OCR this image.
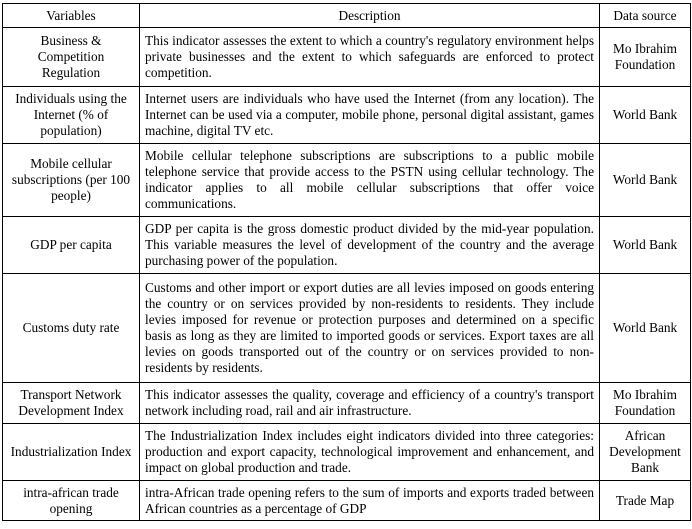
Variables	Description	Data source
Business & Competition Regulation	This indicator assesses the extent to which a country's regulatory environment helps private businesses and the extent to which safeguards are enforced to protect competition.	Mo Ibrahim Foundation
Individuals using the Internet (% of population)	Internet users are individuals who have used the Internet (from any location). The Internet can be used via a computer, mobile phone, personal digital assistant, games machine, digital TV etc.	World Bank
Mobile cellular subscriptions (per 100 people)	Mobile cellular telephone subscriptions are subscriptions to a public mobile telephone service that provide access to the PSTN using cellular technology. The indicator applies to all mobile cellular subscriptions that offer voice communications.	World Bank
GDP per capita	GDP per capita is the gross domestic product divided by the mid-year population. This variable measures the level of development of the country and the average purchasing power of the population.	World Bank
Customs duty rate	Customs and other import or export duties are all levies imposed on goods entering the country or on services provided by non-residents to residents. They include levies imposed for revenue or protection purposes and determined on a specific basis as long as they are limited to imported goods or services. Export taxes are all levies on goods transported out of the country or on services provided to non-residents by residents.	World Bank
Transport Network Development Index	This indicator assesses the quality, coverage and efficiency of a country's transport network including road, rail and air infrastructure.	Mo Ibrahim Foundation
Industrialization Index	The Industrialization Index includes eight indicators divided into three categories: production and export capacity, technological improvement and enhancement, and impact on global production and trade.	African Development Bank
intra-african trade opening	intra-African trade opening refers to the sum of imports and exports traded between African countries as a percentage of GDP	Trade Map
